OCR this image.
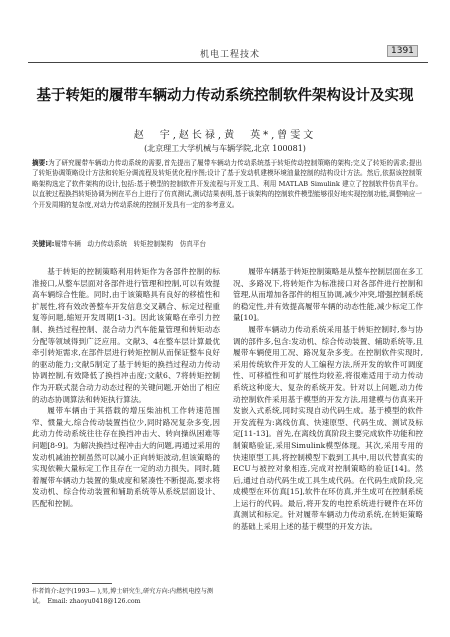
机电工程技术	1391
基于转矩的履带车辆动力传动系统控制软件架构设计及实现
赵　宇,赵长禄,黄　英*,曾雯文
(北京理工大学机械与车辆学院,北京 100081)
摘要:为了研究履带车辆动力传动系统的需要,首先提出了履带车辆动力传动系统基于转矩传动控制策略的架构;完义了转矩的需求;提出了转矩协调策略设计方法和转矩分调流程及转矩优化程序图;设计了基于发动机建模环境油量控制的结构设计方法。然后,依据该控制策略架构选定了软件架构的设计,包括:基于模型的控制软件开发流程与开发工具、利用 MATLAB Simulink 建立了控制软件仿真平台。以直驶过程换挡转矩协调为例在平台上进行了仿真测试,测试结果表明,基于该架构的控制软件模型能够很好地实现控制功能,调整响应一个开发周期的复杂度,对动力传动系统的控制开发具有一定的参考意义。
关键词:履带车辆　动力传动系统　转矩控制架构　仿真平台

基于转矩的控制策略利用转矩作为各部件控制的标准接口,从整车层面对各部件进行管理和控制,可以有效提高车辆综合性能。同时,由于该策略具有良好的移植性和扩展性,将有效改善整车开发信息交叉耦合、标定过程重复等问题,缩短开发周期[1-3]。因此该策略在牵引力控制、换挡过程控制、混合动力汽车能量管理和转矩动态分配等领域得到广泛应用。文献3、4在整车层计算最优牵引转矩需求,在部件层进行转矩控制从而保证整车良好的驱动能力;文献5制定了基于转矩的换挡过程动力传动协调控制,有效降低了换挡冲击度;文献6、7将转矩控制作为开联式混合动力动态过程的关键问题,开始出了相应的动态协调算法和转矩执行算法。

履带车辆由于其搭载的增压柴油机工作转速范围窄、惯量大,综合传动装置挡位少,同时路况复杂多变,因此动力传动系统往往存在换挡冲击大、转向操纵困难等问题[8-9]。为解决换挡过程冲击大的问题,再通过采用的发动机减油控制虽然可以减小正向转矩波动,但该策略的实现依赖大量标定工作且存在一定的动力损失。同时,随着履带车辆动力装置的集成度和紧凑性不断提高,要求将发动机、综合传动装置和辅助系统等从系统层面设计、匹配和控制。

履带车辆基于转矩控制策略是从整车控制层面在多工况、多路况下,将转矩作为标准接口对各部件进行控制和管理,从而增加各部件的相互协调,减少冲突,增强控制系统的稳定性,并有效提高履带车辆的动态性能,减少标定工作量[10]。

履带车辆动力传动系统采用基于转矩控制时,参与协调的部件多,包含:发动机、综合传动装置、辅助系统等,且履带车辆使用工况、路况复杂多变。在控制软件实现时,采用传统软件开发的人工编程方法,所开发的软件可调度性、可移植性和可扩展性均较差,将很难适用于动力传动系统这种庞大、复杂的系统开发。针对以上问题,动力传动控制软件采用基于模型的开发方法,用建模与仿真来开发嵌入式系统,同时实现自动代码生成。基于模型的软件开发流程为:离线仿真、快速原型、代码生成、测试及标定[11-13]。首先,在离线仿真阶段主要完成软件功能和控制策略验证,采用Simulink模型体现。其次,采用专用的快速原型工具,将控制模型下载到工具中,用以代替真实的ECU与被控对象相连,完成对控制策略的验证[14]。然后,通过自动代码生成工具生成代码。在代码生成阶段,完成模型在环仿真[15],软件在环仿真,并生成可在控制系统上运行的代码。最后,将开发的电控系统进行硬件在环仿真测试和标定。针对履带车辆动力传动系统,在转矩策略的基础上采用上述的基于模型的开发方法。

作者简介:赵宇(1993— ),男,博士研究生,研究方向:内燃机电控与测试。　Email: zhaoyu0418@126.com
